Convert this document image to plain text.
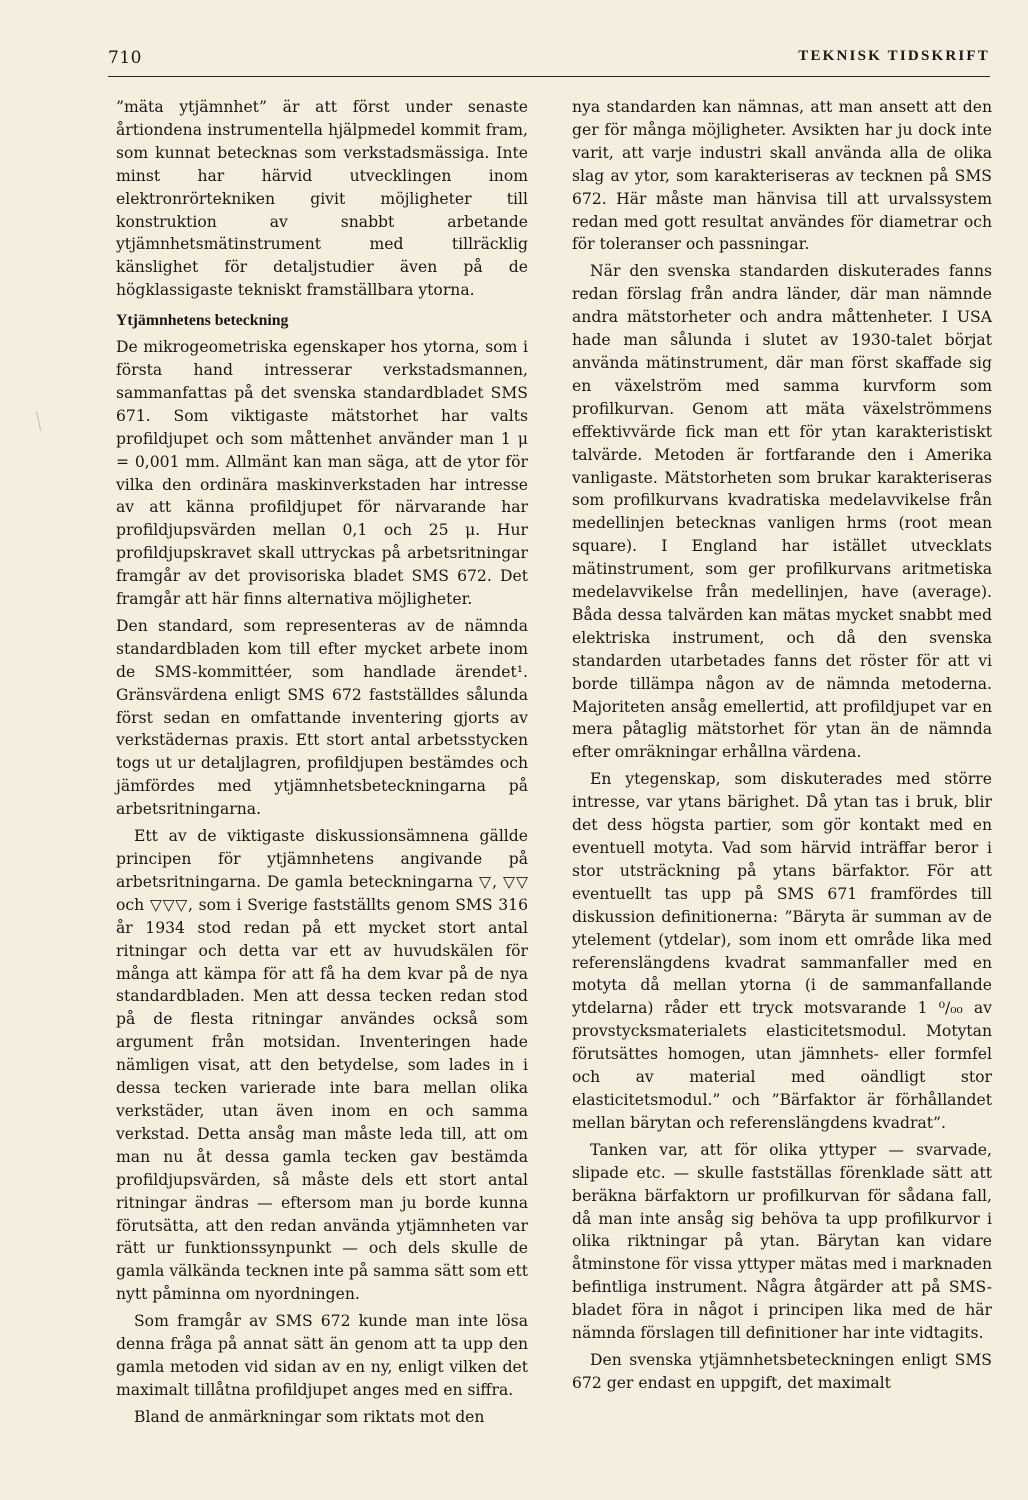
710	TEKNISK TIDSKRIFT

”mäta ytjämnhet” är att först under senaste årtiondena instrumentella hjälpmedel kommit fram, som kunnat betecknas som verkstadsmässiga. Inte minst har härvid utvecklingen inom elektronrörtekniken givit möjligheter till konstruktion av snabbt arbetande ytjämnhetsmätinstrument med tillräcklig känslighet för detaljstudier även på de högklassigaste tekniskt framställbara ytorna.

Ytjämnhetens beteckning

De mikrogeometriska egenskaper hos ytorna, som i första hand intresserar verkstadsmannen, sammanfattas på det svenska standardbladet SMS 671. Som viktigaste mätstorhet har valts profildjupet och som måttenhet använder man 1 μ = 0,001 mm. Allmänt kan man säga, att de ytor för vilka den ordinära maskinverkstaden har intresse av att känna profildjupet för närvarande har profildjupsvärden mellan 0,1 och 25 μ. Hur profildjupskravet skall uttryckas på arbetsritningar framgår av det provisoriska bladet SMS 672. Det framgår att här finns alternativa möjligheter.

Den standard, som representeras av de nämnda standardbladen kom till efter mycket arbete inom de SMS-kommittéer, som handlade ärendet¹. Gränsvärdena enligt SMS 672 fastställdes sålunda först sedan en omfattande inventering gjorts av verkstädernas praxis. Ett stort antal arbetsstycken togs ut ur detaljlagren, profildjupen bestämdes och jämfördes med ytjämnhetsbeteckningarna på arbetsritningarna.

Ett av de viktigaste diskussionsämnena gällde principen för ytjämnhetens angivande på arbetsritningarna. De gamla beteckningarna ▽, ▽▽ och ▽▽▽, som i Sverige fastställts genom SMS 316 år 1934 stod redan på ett mycket stort antal ritningar och detta var ett av huvudskälen för många att kämpa för att få ha dem kvar på de nya standardbladen. Men att dessa tecken redan stod på de flesta ritningar användes också som argument från motsidan. Inventeringen hade nämligen visat, att den betydelse, som lades in i dessa tecken varierade inte bara mellan olika verkstäder, utan även inom en och samma verkstad. Detta ansåg man måste leda till, att om man nu åt dessa gamla tecken gav bestämda profildjupsvärden, så måste dels ett stort antal ritningar ändras — eftersom man ju borde kunna förutsätta, att den redan använda ytjämnheten var rätt ur funktionssynpunkt — och dels skulle de gamla välkända tecknen inte på samma sätt som ett nytt påminna om nyordningen.

Som framgår av SMS 672 kunde man inte lösa denna fråga på annat sätt än genom att ta upp den gamla metoden vid sidan av en ny, enligt vilken det maximalt tillåtna profildjupet anges med en siffra.

Bland de anmärkningar som riktats mot den

nya standarden kan nämnas, att man ansett att den ger för många möjligheter. Avsikten har ju dock inte varit, att varje industri skall använda alla de olika slag av ytor, som karakteriseras av tecknen på SMS 672. Här måste man hänvisa till att urvalssystem redan med gott resultat användes för diametrar och för toleranser och passningar.

När den svenska standarden diskuterades fanns redan förslag från andra länder, där man nämnde andra mätstorheter och andra måttenheter. I USA hade man sålunda i slutet av 1930-talet börjat använda mätinstrument, där man först skaffade sig en växelström med samma kurvform som profilkurvan. Genom att mäta växelströmmens effektivvärde fick man ett för ytan karakteristiskt talvärde. Metoden är fortfarande den i Amerika vanligaste. Mätstorheten som brukar karakteriseras som profilkurvans kvadratiska medelavvikelse från medellinjen betecknas vanligen hrms (root mean square). I England har istället utvecklats mätinstrument, som ger profilkurvans aritmetiska medelavvikelse från medellinjen, have (average). Båda dessa talvärden kan mätas mycket snabbt med elektriska instrument, och då den svenska standarden utarbetades fanns det röster för att vi borde tillämpa någon av de nämnda metoderna. Majoriteten ansåg emellertid, att profildjupet var en mera påtaglig mätstorhet för ytan än de nämnda efter omräkningar erhållna värdena.

En ytegenskap, som diskuterades med större intresse, var ytans bärighet. Då ytan tas i bruk, blir det dess högsta partier, som gör kontakt med en eventuell motyta. Vad som härvid inträffar beror i stor utsträckning på ytans bärfaktor. För att eventuellt tas upp på SMS 671 framfördes till diskussion definitionerna: ”Bäryta är summan av de ytelement (ytdelar), som inom ett område lika med referenslängdens kvadrat sammanfaller med en motyta då mellan ytorna (i de sammanfallande ytdelarna) råder ett tryck motsvarande 1 ⁰/₀₀ av provstycksmaterialets elasticitetsmodul. Motytan förutsättes homogen, utan jämnhets- eller formfel och av material med oändligt stor elasticitetsmodul.” och ”Bärfaktor är förhållandet mellan bärytan och referenslängdens kvadrat”.

Tanken var, att för olika yttyper — svarvade, slipade etc. — skulle fastställas förenklade sätt att beräkna bärfaktorn ur profilkurvan för sådana fall, då man inte ansåg sig behöva ta upp profilkurvor i olika riktningar på ytan. Bärytan kan vidare åtminstone för vissa yttyper mätas med i marknaden befintliga instrument. Några åtgärder att på SMS-bladet föra in något i principen lika med de här nämnda förslagen till definitioner har inte vidtagits.

Den svenska ytjämnhetsbeteckningen enligt SMS 672 ger endast en uppgift, det maximalt
